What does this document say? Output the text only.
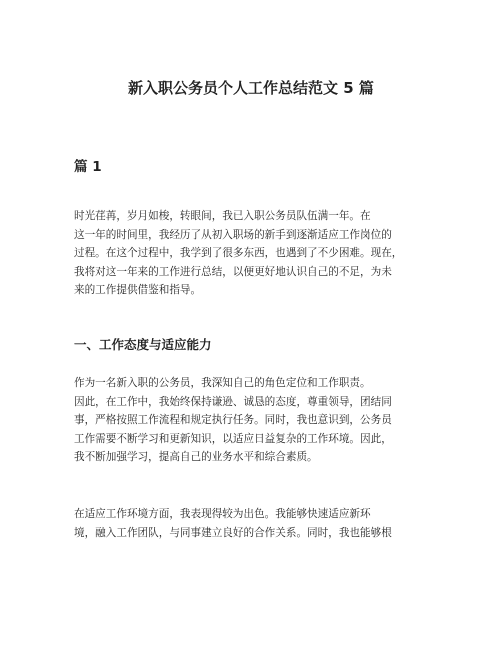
新入职公务员个人工作总结范文 5 篇
篇 1

时光荏苒，岁月如梭，转眼间，我已入职公务员队伍满一年。在
这一年的时间里，我经历了从初入职场的新手到逐渐适应工作岗位的
过程。在这个过程中，我学到了很多东西，也遇到了不少困难。现在，
我将对这一年来的工作进行总结，以便更好地认识自己的不足，为未
来的工作提供借鉴和指导。

一、工作态度与适应能力

作为一名新入职的公务员，我深知自己的角色定位和工作职责。
因此，在工作中，我始终保持谦逊、诚恳的态度，尊重领导，团结同
事，严格按照工作流程和规定执行任务。同时，我也意识到，公务员
工作需要不断学习和更新知识，以适应日益复杂的工作环境。因此，
我不断加强学习，提高自己的业务水平和综合素质。

在适应工作环境方面，我表现得较为出色。我能够快速适应新环
境，融入工作团队，与同事建立良好的合作关系。同时，我也能够根
